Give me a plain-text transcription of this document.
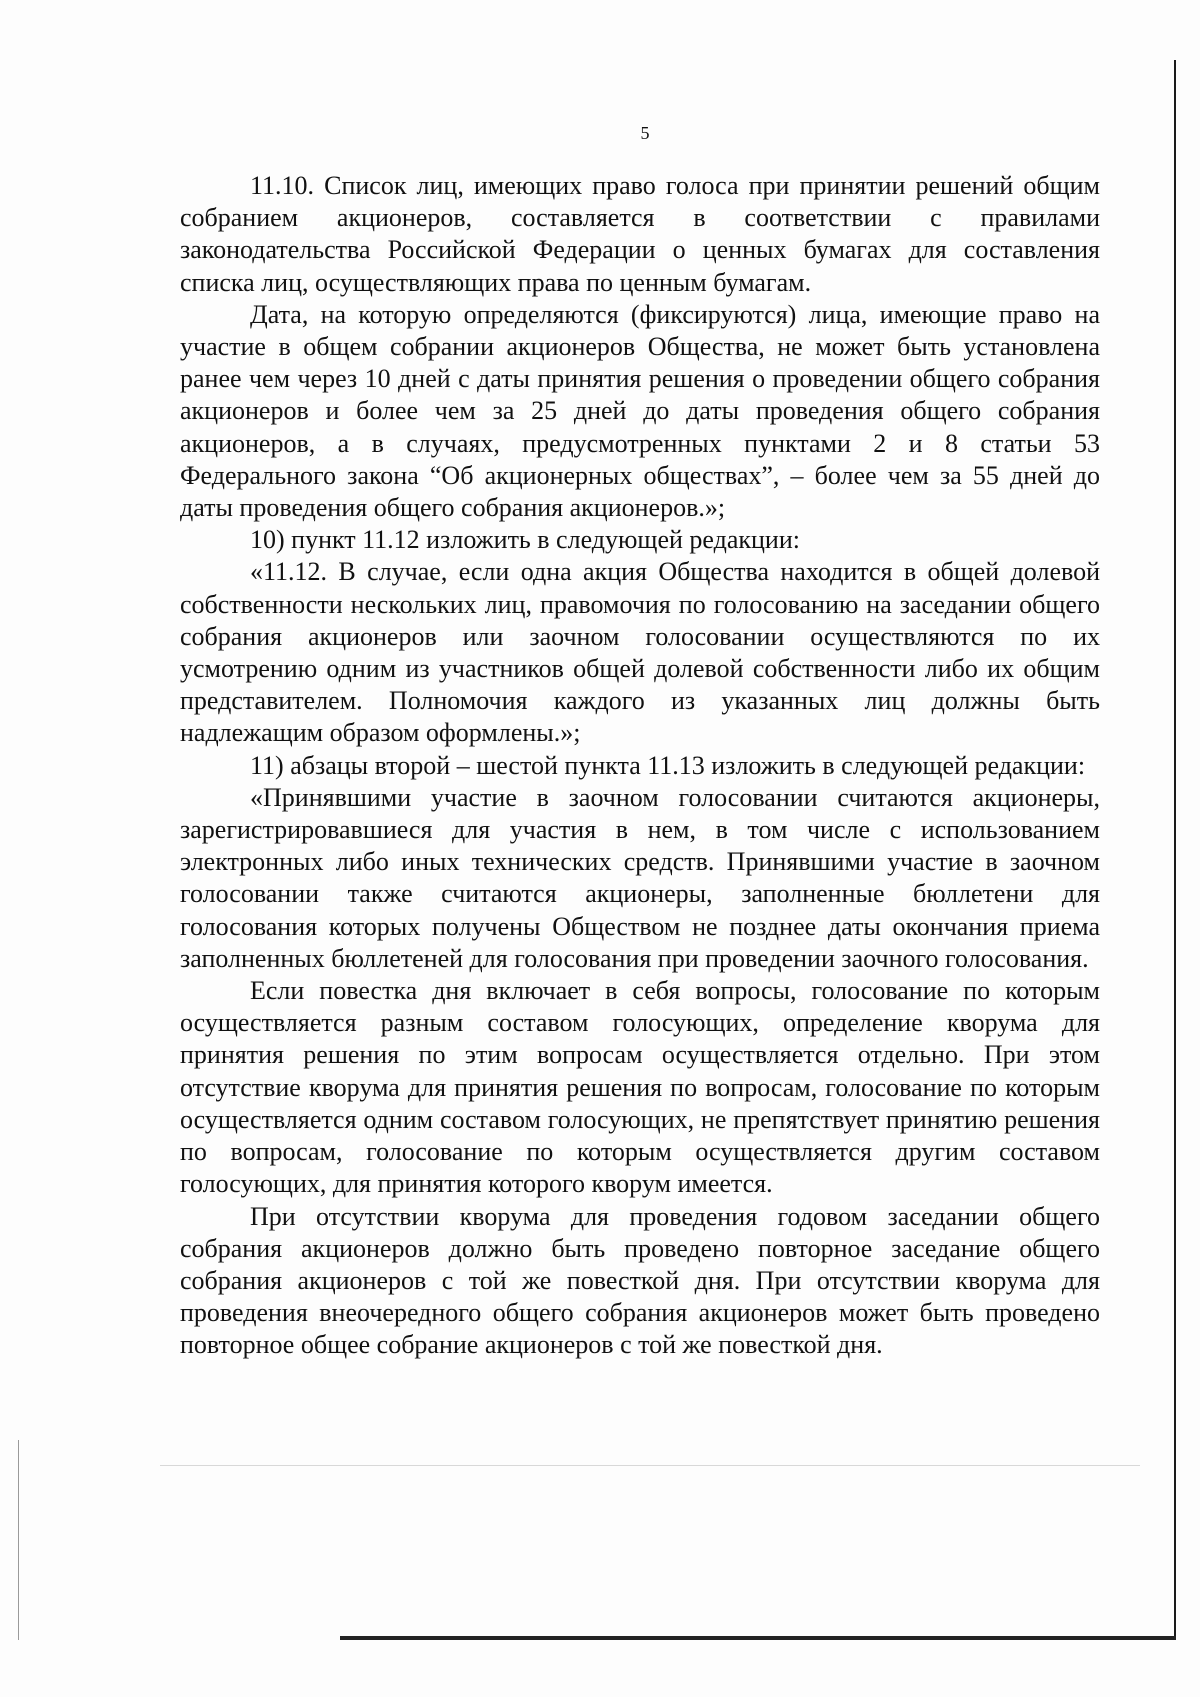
5

11.10. Список лиц, имеющих право голоса при принятии решений общим собранием акционеров, составляется в соответствии с правилами законодательства Российской Федерации о ценных бумагах для составления списка лиц, осуществляющих права по ценным бумагам.

Дата, на которую определяются (фиксируются) лица, имеющие право на участие в общем собрании акционеров Общества, не может быть установлена ранее чем через 10 дней с даты принятия решения о проведении общего собрания акционеров и более чем за 25 дней до даты проведения общего собрания акционеров, а в случаях, предусмотренных пунктами 2 и 8 статьи 53 Федерального закона “Об акционерных обществах”, – более чем за 55 дней до даты проведения общего собрания акционеров.»;

10) пункт 11.12 изложить в следующей редакции:

«11.12. В случае, если одна акция Общества находится в общей долевой собственности нескольких лиц, правомочия по голосованию на заседании общего собрания акционеров или заочном голосовании осуществляются по их усмотрению одним из участников общей долевой собственности либо их общим представителем. Полномочия каждого из указанных лиц должны быть надлежащим образом оформлены.»;

11) абзацы второй – шестой пункта 11.13 изложить в следующей редакции:

«Принявшими участие в заочном голосовании считаются акционеры, зарегистрировавшиеся для участия в нем, в том числе с использованием электронных либо иных технических средств. Принявшими участие в заочном голосовании также считаются акционеры, заполненные бюллетени для голосования которых получены Обществом не позднее даты окончания приема заполненных бюллетеней для голосования при проведении заочного голосования.

Если повестка дня включает в себя вопросы, голосование по которым осуществляется разным составом голосующих, определение кворума для принятия решения по этим вопросам осуществляется отдельно. При этом отсутствие кворума для принятия решения по вопросам, голосование по которым осуществляется одним составом голосующих, не препятствует принятию решения по вопросам, голосование по которым осуществляется другим составом голосующих, для принятия которого кворум имеется.

При отсутствии кворума для проведения годовом заседании общего собрания акционеров должно быть проведено повторное заседание общего собрания акционеров с той же повесткой дня. При отсутствии кворума для проведения внеочередного общего собрания акционеров может быть проведено повторное общее собрание акционеров с той же повесткой дня.
